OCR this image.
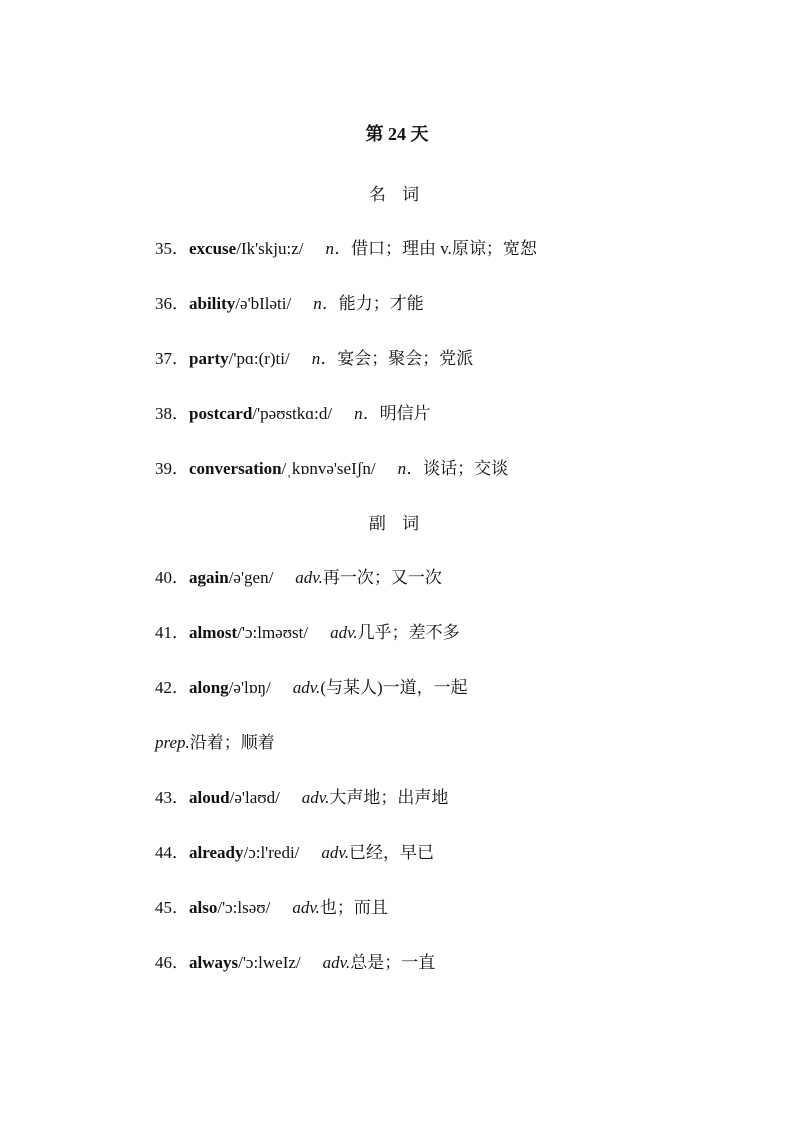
第 24 天
名 词
35．excuse/Ik'skju:z/ n．借口；理由 v.原谅；宽恕
36．ability/ə'bIləti/ n．能力；才能
37．party/'pɑ:(r)ti/ n．宴会；聚会；党派
38．postcard/'pəʊstkɑ:d/ n．明信片
39．conversation/ˌkɒnvə'seIʃn/ n．谈话；交谈
副 词
40．again/ə'gen/ adv.再一次；又一次
41．almost/'ɔ:lməʊst/ adv.几乎；差不多
42．along/ə'lɒŋ/ adv.(与某人)一道，一起
prep.沿着；顺着
43．aloud/ə'laʊd/ adv.大声地；出声地
44．already/ɔ:l'redi/ adv.已经，早已
45．also/'ɔ:lsəʊ/ adv.也；而且
46．always/'ɔ:lweIz/ adv.总是；一直
